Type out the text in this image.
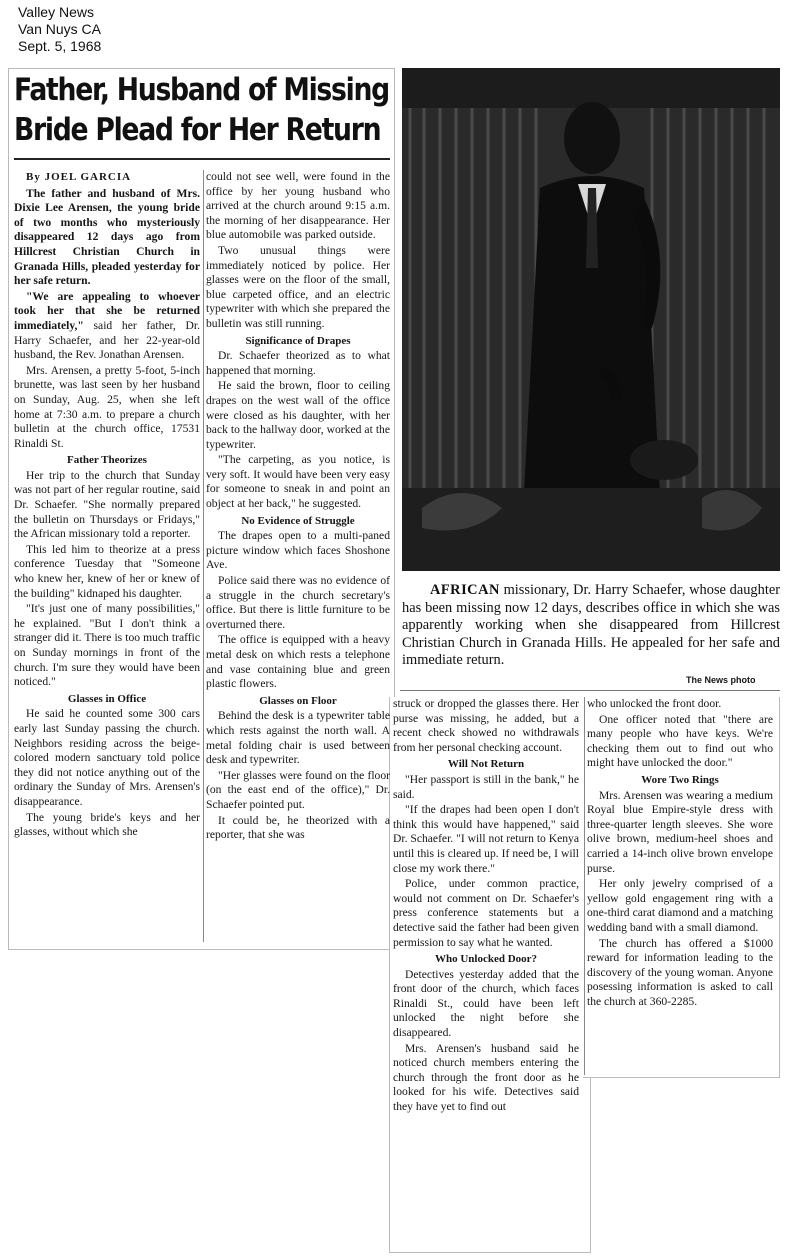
Valley News
Van Nuys CA
Sept. 5, 1968
Father, Husband of Missing
Bride Plead for Her Return

By JOEL GARCIA

The father and husband of Mrs. Dixie Lee Arensen, the young bride of two months who mysteriously disappeared 12 days ago from Hillcrest Christian Church in Granada Hills, pleaded yesterday for her safe return.

"We are appealing to whoever took her that she be returned immediately," said her father, Dr. Harry Schaefer, and her 22-year-old husband, the Rev. Jonathan Arensen.

Mrs. Arensen, a pretty 5-foot, 5-inch brunette, was last seen by her husband on Sunday, Aug. 25, when she left home at 7:30 a.m. to prepare a church bulletin at the church office, 17531 Rinaldi St.

Father Theorizes

Her trip to the church that Sunday was not part of her regular routine, said Dr. Schaefer. "She normally prepared the bulletin on Thursdays or Fridays," the African missionary told a reporter.

This led him to theorize at a press conference Tuesday that "Someone who knew her, knew of her or knew of the building" kidnaped his daughter.

"It's just one of many possibilities," he explained. "But I don't think a stranger did it. There is too much traffic on Sunday mornings in front of the church. I'm sure they would have been noticed."

Glasses in Office

He said he counted some 300 cars early last Sunday passing the church. Neighbors residing across the beige-colored modern sanctuary told police they did not notice anything out of the ordinary the Sunday of Mrs. Arensen's disappearance.

The young bride's keys and her glasses, without which she

could not see well, were found in the office by her young husband who arrived at the church around 9:15 a.m. the morning of her disappearance. Her blue automobile was parked outside.

Two unusual things were immediately noticed by police. Her glasses were on the floor of the small, blue carpeted office, and an electric typewriter with which she prepared the bulletin was still running.

Significance of Drapes

Dr. Schaefer theorized as to what happened that morning.

He said the brown, floor to ceiling drapes on the west wall of the office were closed as his daughter, with her back to the hallway door, worked at the typewriter.

"The carpeting, as you notice, is very soft. It would have been very easy for someone to sneak in and point an object at her back," he suggested.

No Evidence of Struggle

The drapes open to a multi-paned picture window which faces Shoshone Ave.

Police said there was no evidence of a struggle in the church secretary's office. But there is little furniture to be overturned there.

The office is equipped with a heavy metal desk on which rests a telephone and vase containing blue and green plastic flowers.

Glasses on Floor

Behind the desk is a typewriter table which rests against the north wall. A metal folding chair is used between desk and typewriter.

"Her glasses were found on the floor (on the east end of the office)," Dr. Schaefer pointed put.

It could be, he theorized with a reporter, that she was

AFRICAN missionary, Dr. Harry Schaefer, whose daughter has been missing now 12 days, describes office in which she was apparently working when she disappeared from Hillcrest Christian Church in Granada Hills. He appealed for her safe and immediate return.
The News photo

struck or dropped the glasses there. Her purse was missing, he added, but a recent check showed no withdrawals from her personal checking account.

Will Not Return

"Her passport is still in the bank," he said.

"If the drapes had been open I don't think this would have happened," said Dr. Schaefer. "I will not return to Kenya until this is cleared up. If need be, I will close my work there."

Police, under common practice, would not comment on Dr. Schaefer's press conference statements but a detective said the father had been given permission to say what he wanted.

Who Unlocked Door?

Detectives yesterday added that the front door of the church, which faces Rinaldi St., could have been left unlocked the night before she disappeared.

Mrs. Arensen's husband said he noticed church members entering the church through the front door as he looked for his wife. Detectives said they have yet to find out

who unlocked the front door.

One officer noted that "there are many people who have keys. We're checking them out to find out who might have unlocked the door."

Wore Two Rings

Mrs. Arensen was wearing a medium Royal blue Empire-style dress with three-quarter length sleeves. She wore olive brown, medium-heel shoes and carried a 14-inch olive brown envelope purse.

Her only jewelry comprised of a yellow gold engagement ring with a one-third carat diamond and a matching wedding band with a small diamond.

The church has offered a $1000 reward for information leading to the discovery of the young woman. Anyone posessing information is asked to call the church at 360-2285.
